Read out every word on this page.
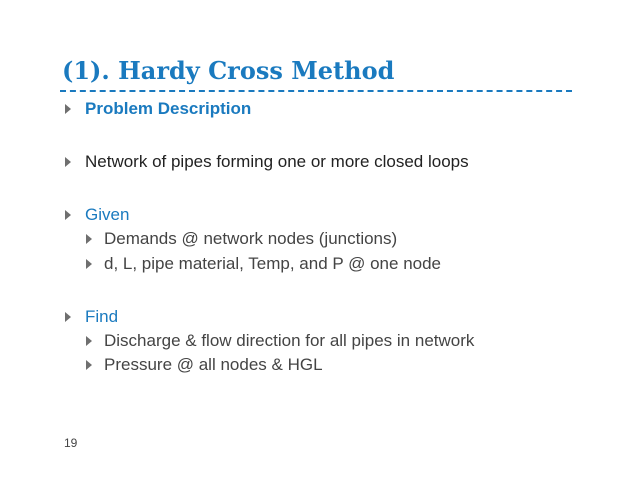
(1). Hardy Cross Method
Problem Description
Network of pipes forming one or more closed loops
Given
Demands @ network nodes (junctions)
d, L, pipe material, Temp, and P @ one node
Find
Discharge & flow direction for all pipes in network
Pressure @ all nodes & HGL
19
